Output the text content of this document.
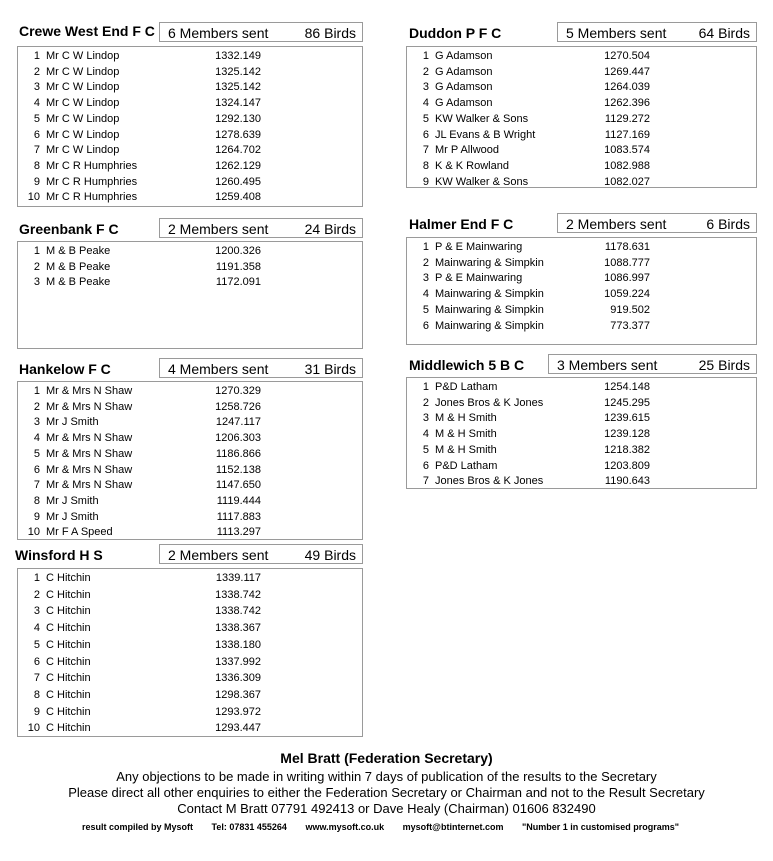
Crewe West End F C 6 Members sent	86 Birds
1 Mr C W Lindop	1332.149
2 Mr C W Lindop	1325.142
3 Mr C W Lindop	1325.142
4 Mr C W Lindop	1324.147
5 Mr C W Lindop	1292.130
6 Mr C W Lindop	1278.639
7 Mr C W Lindop	1264.702
8 Mr C R Humphries	1262.129
9 Mr C R Humphries	1260.495
10 Mr C R Humphries	1259.408
Greenbank F C	2 Members sent	24 Birds
1 M & B Peake	1200.326
2 M & B Peake	1191.358
3 M & B Peake	1172.091
Hankelow F C	4 Members sent	31 Birds
1 Mr & Mrs N Shaw	1270.329
2 Mr & Mrs N Shaw	1258.726
3 Mr J Smith	1247.117
4 Mr & Mrs N Shaw	1206.303
5 Mr & Mrs N Shaw	1186.866
6 Mr & Mrs N Shaw	1152.138
7 Mr & Mrs N Shaw	1147.650
8 Mr J Smith	1119.444
9 Mr J Smith	1117.883
10 Mr F A Speed	1113.297
Winsford H S	2 Members sent	49 Birds
1 C Hitchin	1339.117
2 C Hitchin	1338.742
3 C Hitchin	1338.742
4 C Hitchin	1338.367
5 C Hitchin	1338.180
6 C Hitchin	1337.992
7 C Hitchin	1336.309
8 C Hitchin	1298.367
9 C Hitchin	1293.972
10 C Hitchin	1293.447
Duddon P F C	5 Members sent 64 Birds
1 G Adamson	1270.504
2 G Adamson	1269.447
3 G Adamson	1264.039
4 G Adamson	1262.396
5 KW Walker & Sons	1129.272
6 JL Evans & B Wright	1127.169
7 Mr P Allwood	1083.574
8 K & K Rowland	1082.988
9 KW Walker & Sons	1082.027
Halmer End F C	2 Members sent	6 Birds
1 P & E Mainwaring	1178.631
2 Mainwaring & Simpkin	1088.777
3 P & E Mainwaring	1086.997
4 Mainwaring & Simpkin	1059.224
5 Mainwaring & Simpkin	919.502
6 Mainwaring & Simpkin	773.377
Middlewich 5 B C 3 Members sent	25 Birds
1 P&D Latham	1254.148
2 Jones Bros & K Jones	1245.295
3 M & H Smith	1239.615
4 M & H Smith	1239.128
5 M & H Smith	1218.382
6 P&D Latham	1203.809
7 Jones Bros & K Jones	1190.643
Mel Bratt (Federation Secretary)
Any objections to be made in writing within 7 days of publication of the results to the Secretary
Please direct all other enquiries to either the Federation Secretary or Chairman and not to the Result Secretary
Contact M Bratt 07791 492413 or Dave Healy (Chairman) 01606 832490
result compiled by Mysoft Tel: 07831 455264 www.mysoft.co.uk mysoft@btinternet.com "Number 1 in customised programs"
